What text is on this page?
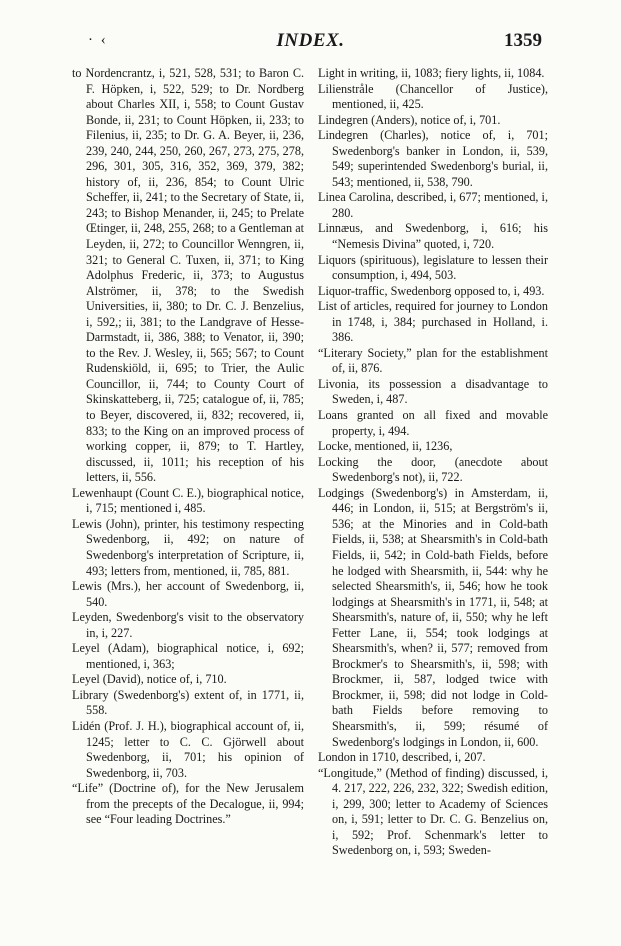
· ‹	INDEX.	1359

to Nordencrantz, i, 521, 528, 531; to Baron C. F. Höpken, i, 522, 529; to Dr. Nordberg about Charles XII, i, 558; to Count Gustav Bonde, ii, 231; to Count Höpken, ii, 233; to Filenius, ii, 235; to Dr. G. A. Beyer, ii, 236, 239, 240, 244, 250, 260, 267, 273, 275, 278, 296, 301, 305, 316, 352, 369, 379, 382; history of, ii, 236, 854; to Count Ulric Scheffer, ii, 241; to the Secretary of State, ii, 243; to Bishop Menander, ii, 245; to Prelate Œtinger, ii, 248, 255, 268; to a Gentleman at Leyden, ii, 272; to Councillor Wenngren, ii, 321; to General C. Tuxen, ii, 371; to King Adolphus Frederic, ii, 373; to Augustus Alströmer, ii, 378; to the Swedish Universities, ii, 380; to Dr. C. J. Benzelius, i, 592,; ii, 381; to the Landgrave of Hesse-Darmstadt, ii, 386, 388; to Venator, ii, 390; to the Rev. J. Wesley, ii, 565; 567; to Count Rudenskiöld, ii, 695; to Trier, the Aulic Councillor, ii, 744; to County Court of Skinskatteberg, ii, 725; catalogue of, ii, 785; to Beyer, discovered, ii, 832; recovered, ii, 833; to the King on an improved process of working copper, ii, 879; to T. Hartley, discussed, ii, 1011; his reception of his letters, ii, 556.

Lewenhaupt (Count C. E.), biographical notice, i, 715; mentioned i, 485.

Lewis (John), printer, his testimony respecting Swedenborg, ii, 492; on nature of Swedenborg's interpretation of Scripture, ii, 493; letters from, mentioned, ii, 785, 881.

Lewis (Mrs.), her account of Swedenborg, ii, 540.

Leyden, Swedenborg's visit to the observatory in, i, 227.

Leyel (Adam), biographical notice, i, 692; mentioned, i, 363;

Leyel (David), notice of, i, 710.

Library (Swedenborg's) extent of, in 1771, ii, 558.

Lidén (Prof. J. H.), biographical account of, ii, 1245; letter to C. C. Gjörwell about Swedenborg, ii, 701; his opinion of Swedenborg, ii, 703.

“Life” (Doctrine of), for the New Jerusalem from the precepts of the Decalogue, ii, 994; see “Four leading Doctrines.”

Light in writing, ii, 1083; fiery lights, ii, 1084.

Lilienstråle (Chancellor of Justice), mentioned, ii, 425.

Lindegren (Anders), notice of, i, 701.

Lindegren (Charles), notice of, i, 701; Swedenborg's banker in London, ii, 539, 549; superintended Swedenborg's burial, ii, 543; mentioned, ii, 538, 790.

Linea Carolina, described, i, 677; mentioned, i, 280.

Linnæus, and Swedenborg, i, 616; his “Nemesis Divina” quoted, i, 720.

Liquors (spirituous), legislature to lessen their consumption, i, 494, 503.

Liquor-traffic, Swedenborg opposed to, i, 493.

List of articles, required for journey to London in 1748, i, 384; purchased in Holland, i. 386.

“Literary Society,” plan for the establishment of, ii, 876.

Livonia, its possession a disadvantage to Sweden, i, 487.

Loans granted on all fixed and movable property, i, 494.

Locke, mentioned, ii, 1236,

Locking the door, (anecdote about Swedenborg's not), ii, 722.

Lodgings (Swedenborg's) in Amsterdam, ii, 446; in London, ii, 515; at Bergström's ii, 536; at the Minories and in Cold-bath Fields, ii, 538; at Shearsmith's in Cold-bath Fields, ii, 542; in Cold-bath Fields, before he lodged with Shearsmith, ii, 544: why he selected Shearsmith's, ii, 546; how he took lodgings at Shearsmith's in 1771, ii, 548; at Shearsmith's, nature of, ii, 550; why he left Fetter Lane, ii, 554; took lodgings at Shearsmith's, when? ii, 577; removed from Brockmer's to Shearsmith's, ii, 598; with Brockmer, ii, 587, lodged twice with Brockmer, ii, 598; did not lodge in Cold-bath Fields before removing to Shearsmith's, ii, 599; résumé of Swedenborg's lodgings in London, ii, 600.

London in 1710, described, i, 207.

“Longitude,” (Method of finding) discussed, i, 4. 217, 222, 226, 232, 322; Swedish edition, i, 299, 300; letter to Academy of Sciences on, i, 591; letter to Dr. C. G. Benzelius on, i, 592; Prof. Schenmark's letter to Swedenborg on, i, 593; Sweden-
